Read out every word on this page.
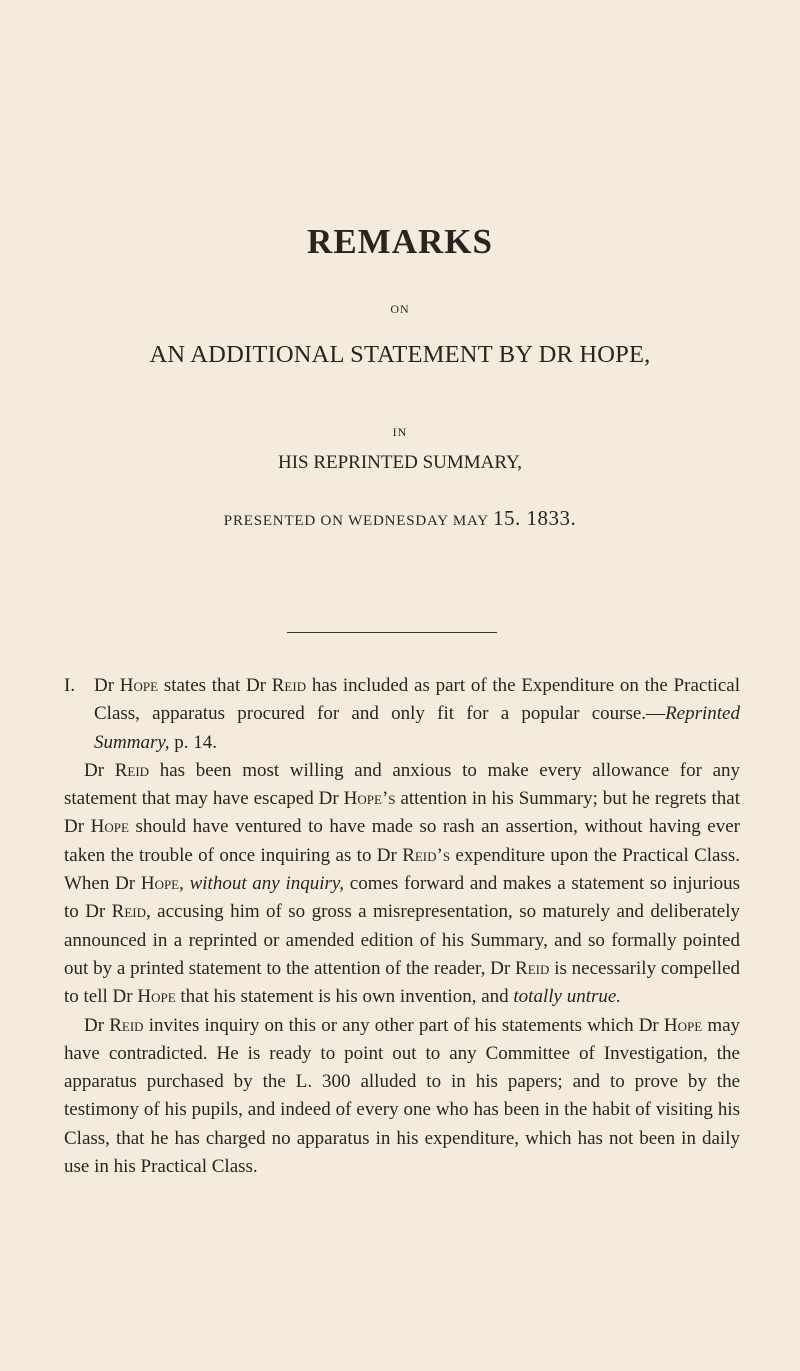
REMARKS
ON
AN ADDITIONAL STATEMENT BY DR HOPE,
IN
HIS REPRINTED SUMMARY,
PRESENTED ON WEDNESDAY MAY 15. 1833.
I. Dr Hope states that Dr Reid has included as part of the Expenditure on the Practical Class, apparatus procured for and only fit for a popular course.—Reprinted Summary, p. 14.

Dr Reid has been most willing and anxious to make every allowance for any statement that may have escaped Dr Hope’s attention in his Summary; but he regrets that Dr Hope should have ventured to have made so rash an assertion, without having ever taken the trouble of once inquiring as to Dr Reid’s expenditure upon the Practical Class. When Dr Hope, without any inquiry, comes forward and makes a statement so injurious to Dr Reid, accusing him of so gross a misrepresentation, so maturely and deliberately announced in a reprinted or amended edition of his Summary, and so formally pointed out by a printed statement to the attention of the reader, Dr Reid is necessarily compelled to tell Dr Hope that his statement is his own invention, and totally untrue.

Dr Reid invites inquiry on this or any other part of his statements which Dr Hope may have contradicted. He is ready to point out to any Committee of Investigation, the apparatus purchased by the L. 300 alluded to in his papers; and to prove by the testimony of his pupils, and indeed of every one who has been in the habit of visiting his Class, that he has charged no apparatus in his expenditure, which has not been in daily use in his Practical Class.
